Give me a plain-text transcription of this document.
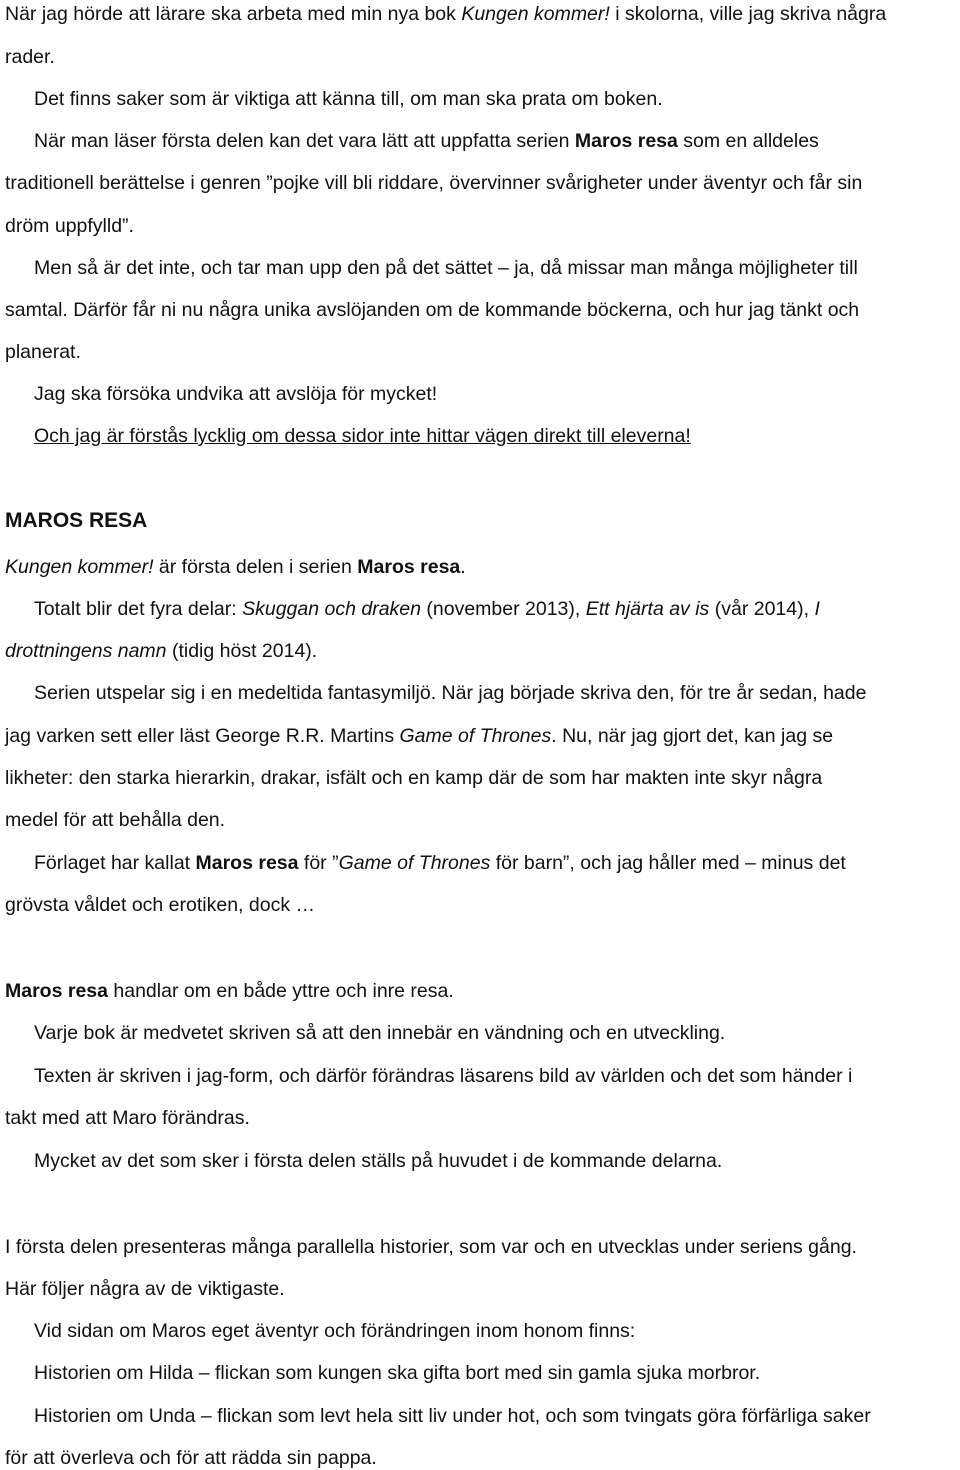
När jag hörde att lärare ska arbeta med min nya bok Kungen kommer! i skolorna, ville jag skriva några
rader.
Det finns saker som är viktiga att känna till, om man ska prata om boken.
När man läser första delen kan det vara lätt att uppfatta serien Maros resa som en alldeles
traditionell berättelse i genren ”pojke vill bli riddare, övervinner svårigheter under äventyr och får sin
dröm uppfylld”.
Men så är det inte, och tar man upp den på det sättet – ja, då missar man många möjligheter till
samtal. Därför får ni nu några unika avslöjanden om de kommande böckerna, och hur jag tänkt och
planerat.
Jag ska försöka undvika att avslöja för mycket!
Och jag är förstås lycklig om dessa sidor inte hittar vägen direkt till eleverna!
MAROS RESA
Kungen kommer! är första delen i serien Maros resa.
Totalt blir det fyra delar: Skuggan och draken (november 2013), Ett hjärta av is (vår 2014), I
drottningens namn (tidig höst 2014).
Serien utspelar sig i en medeltida fantasymiljö. När jag började skriva den, för tre år sedan, hade
jag varken sett eller läst George R.R. Martins Game of Thrones. Nu, när jag gjort det, kan jag se
likheter: den starka hierarkin, drakar, isfält och en kamp där de som har makten inte skyr några
medel för att behålla den.
Förlaget har kallat Maros resa för ”Game of Thrones för barn”, och jag håller med – minus det
grövsta våldet och erotiken, dock …
Maros resa handlar om en både yttre och inre resa.
Varje bok är medvetet skriven så att den innebär en vändning och en utveckling.
Texten är skriven i jag-form, och därför förändras läsarens bild av världen och det som händer i
takt med att Maro förändras.
Mycket av det som sker i första delen ställs på huvudet i de kommande delarna.
I första delen presenteras många parallella historier, som var och en utvecklas under seriens gång.
Här följer några av de viktigaste.
Vid sidan om Maros eget äventyr och förändringen inom honom finns:
Historien om Hilda – flickan som kungen ska gifta bort med sin gamla sjuka morbror.
Historien om Unda – flickan som levt hela sitt liv under hot, och som tvingats göra förfärliga saker
för att överleva och för att rädda sin pappa.
